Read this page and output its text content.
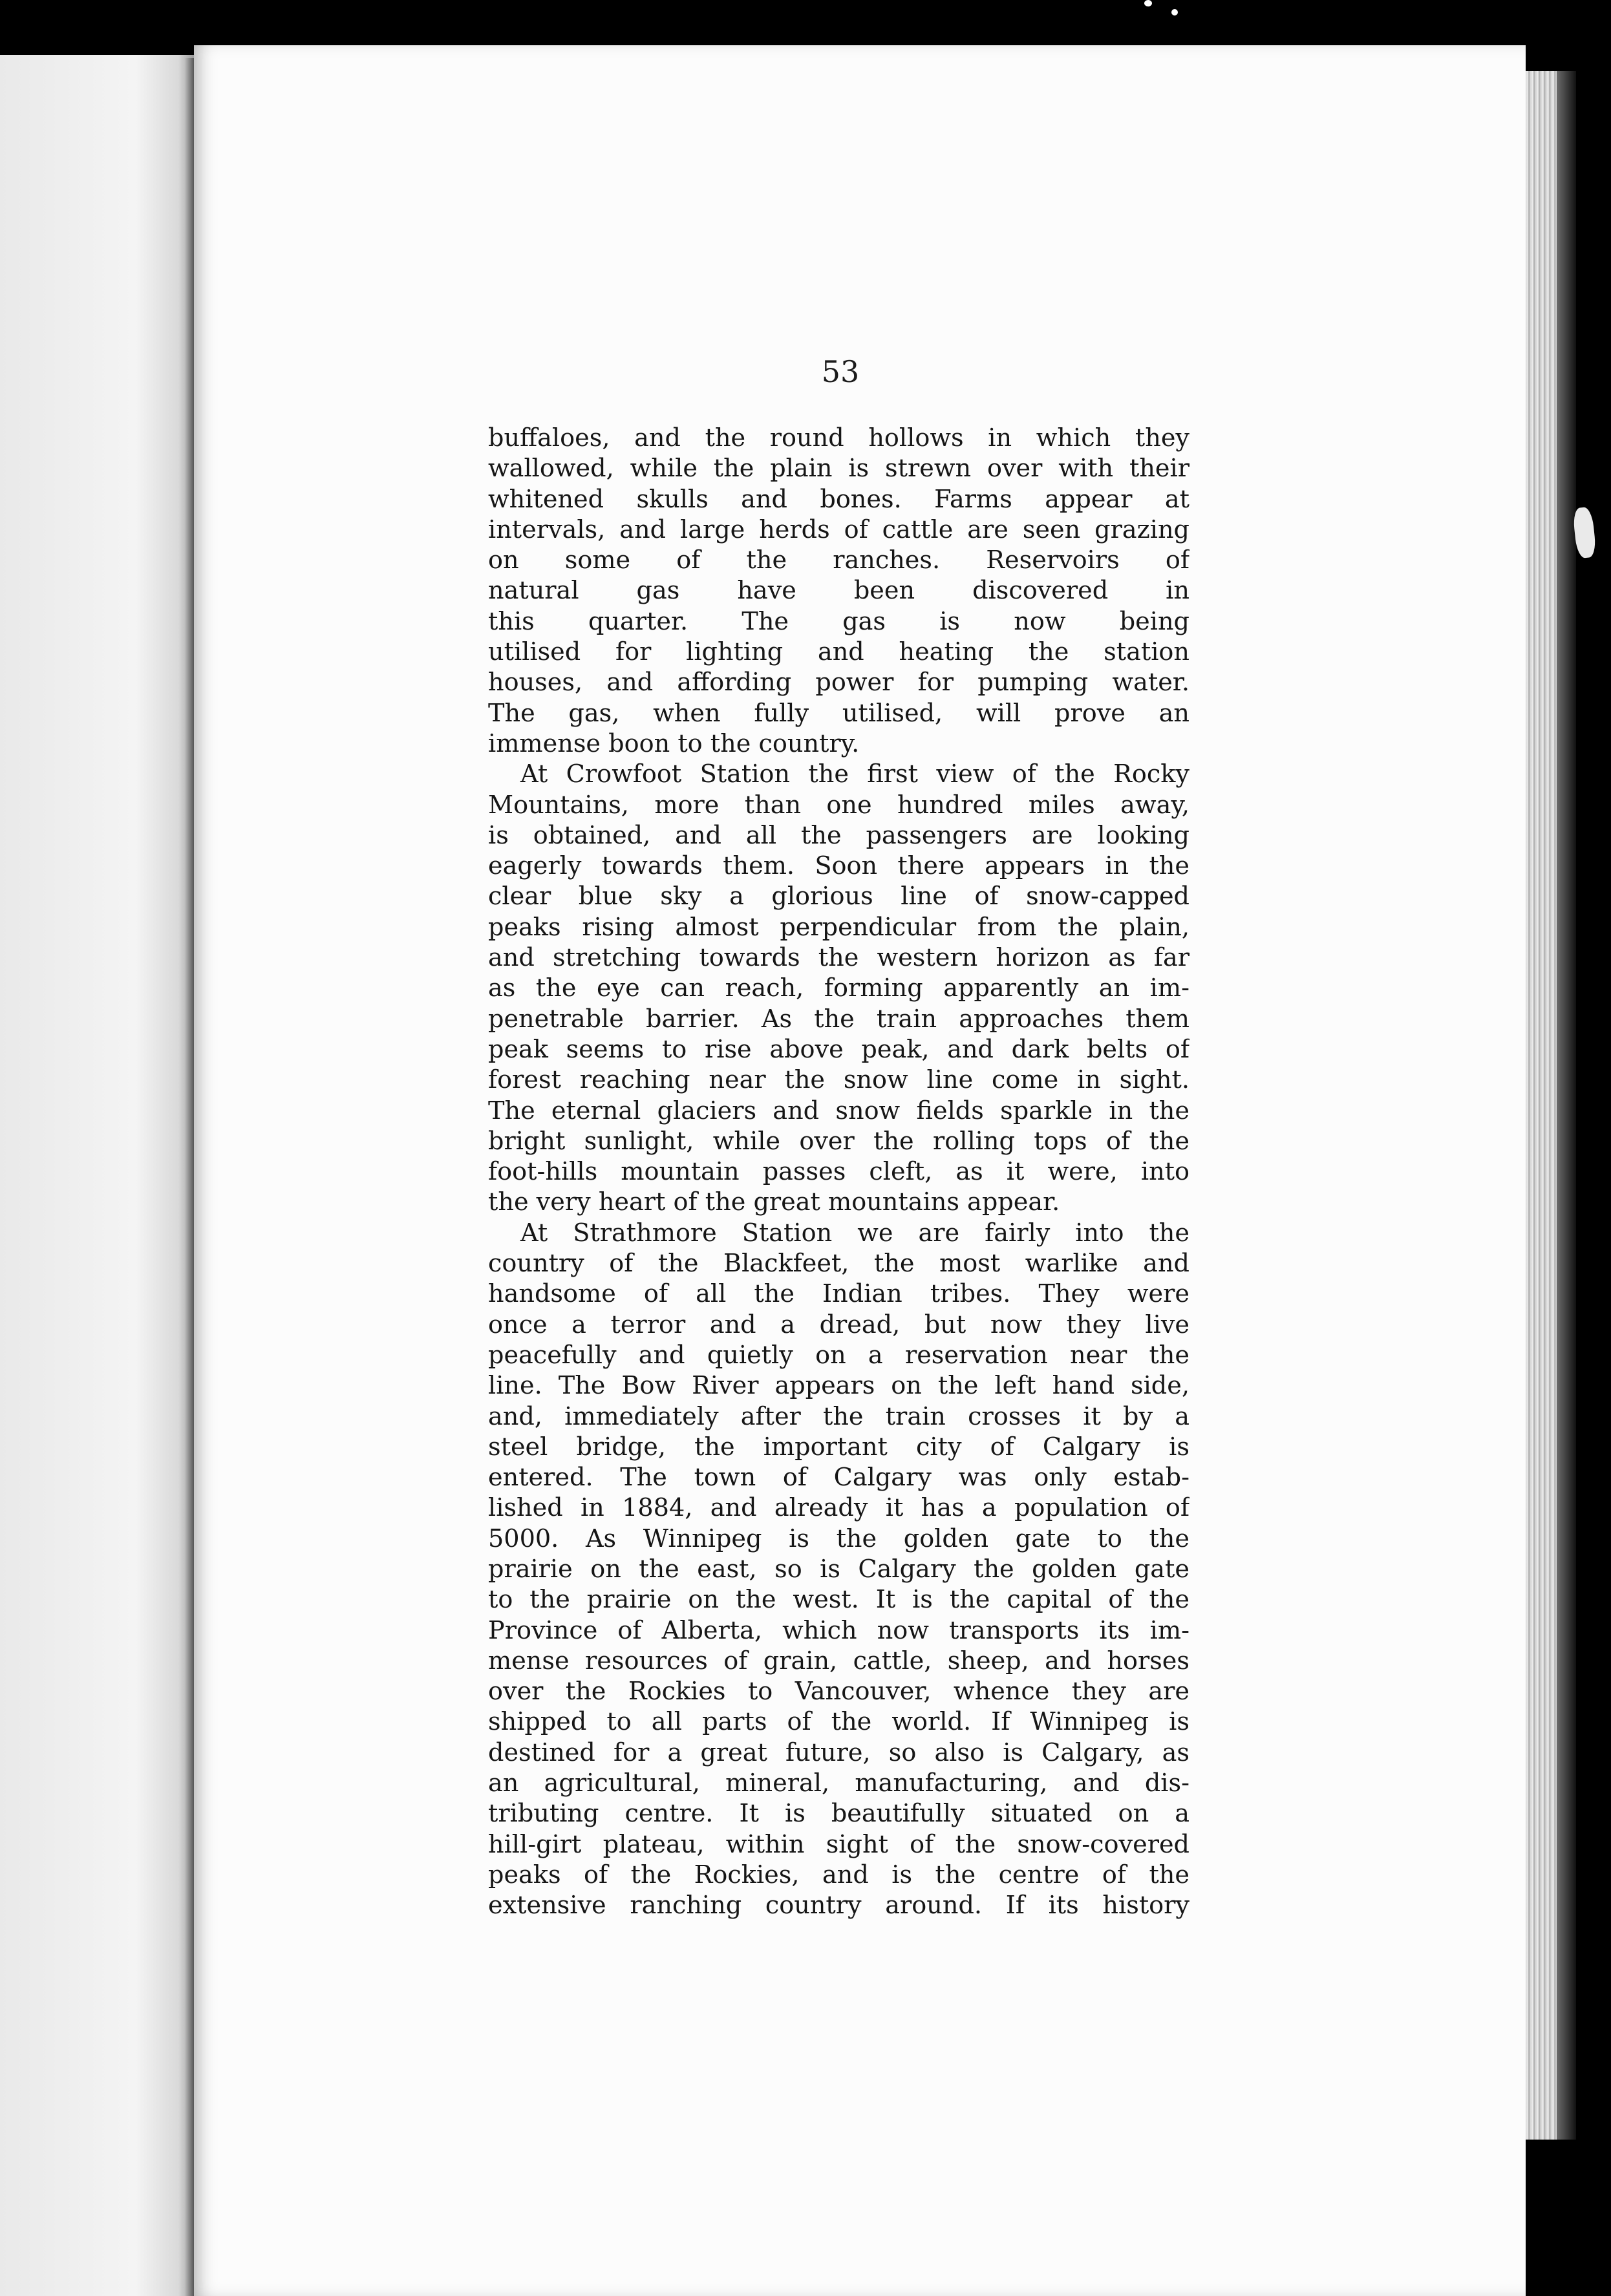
53
buffaloes, and the round hollows in which they
wallowed, while the plain is strewn over with their
whitened skulls and bones. Farms appear at
intervals, and large herds of cattle are seen grazing
on some of the ranches. Reservoirs of
natural gas have been discovered in
this quarter. The gas is now being
utilised for lighting and heating the station
houses, and affording power for pumping water.
The gas, when fully utilised, will prove an
immense boon to the country.
At Crowfoot Station the first view of the Rocky
Mountains, more than one hundred miles away,
is obtained, and all the passengers are looking
eagerly towards them. Soon there appears in the
clear blue sky a glorious line of snow-capped
peaks rising almost perpendicular from the plain,
and stretching towards the western horizon as far
as the eye can reach, forming apparently an im-
penetrable barrier. As the train approaches them
peak seems to rise above peak, and dark belts of
forest reaching near the snow line come in sight.
The eternal glaciers and snow fields sparkle in the
bright sunlight, while over the rolling tops of the
foot-hills mountain passes cleft, as it were, into
the very heart of the great mountains appear.
At Strathmore Station we are fairly into the
country of the Blackfeet, the most warlike and
handsome of all the Indian tribes. They were
once a terror and a dread, but now they live
peacefully and quietly on a reservation near the
line. The Bow River appears on the left hand side,
and, immediately after the train crosses it by a
steel bridge, the important city of Calgary is
entered. The town of Calgary was only estab-
lished in 1884, and already it has a population of
5000. As Winnipeg is the golden gate to the
prairie on the east, so is Calgary the golden gate
to the prairie on the west. It is the capital of the
Province of Alberta, which now transports its im-
mense resources of grain, cattle, sheep, and horses
over the Rockies to Vancouver, whence they are
shipped to all parts of the world. If Winnipeg is
destined for a great future, so also is Calgary, as
an agricultural, mineral, manufacturing, and dis-
tributing centre. It is beautifully situated on a
hill-girt plateau, within sight of the snow-covered
peaks of the Rockies, and is the centre of the
extensive ranching country around. If its history
